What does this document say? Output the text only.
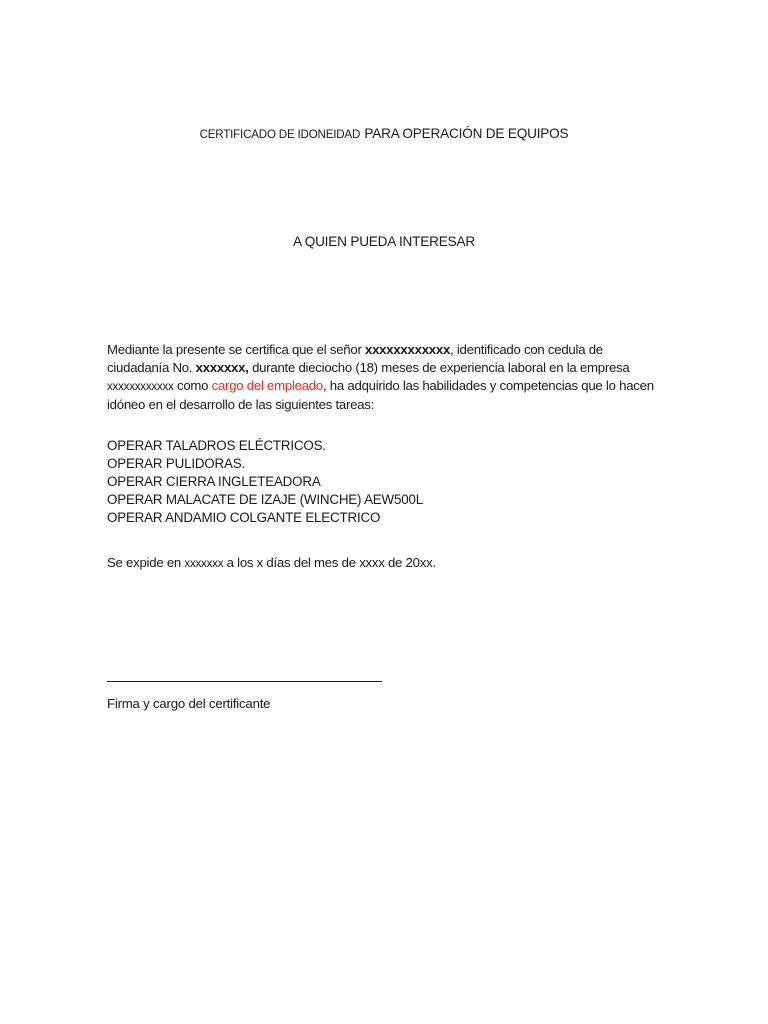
CERTIFICADO DE IDONEIDAD PARA OPERACIÓN DE EQUIPOS
A QUIEN PUEDA INTERESAR

Mediante la presente se certifica que el señor xxxxxxxxxxxx, identificado con cedula de ciudadanía No. xxxxxxx, durante dieciocho (18) meses de experiencia laboral en la empresa xxxxxxxxxxxx como cargo del empleado, ha adquirido las habilidades y competencias que lo hacen idóneo en el desarrollo de las siguientes tareas:

OPERAR TALADROS ELÉCTRICOS.
OPERAR PULIDORAS.
OPERAR CIERRA INGLETEADORA
OPERAR MALACATE DE IZAJE (WINCHE) AEW500L
OPERAR ANDAMIO COLGANTE ELECTRICO
Se expide en xxxxxxx a los x días del mes de xxxx de 20xx.
Firma y cargo del certificante
